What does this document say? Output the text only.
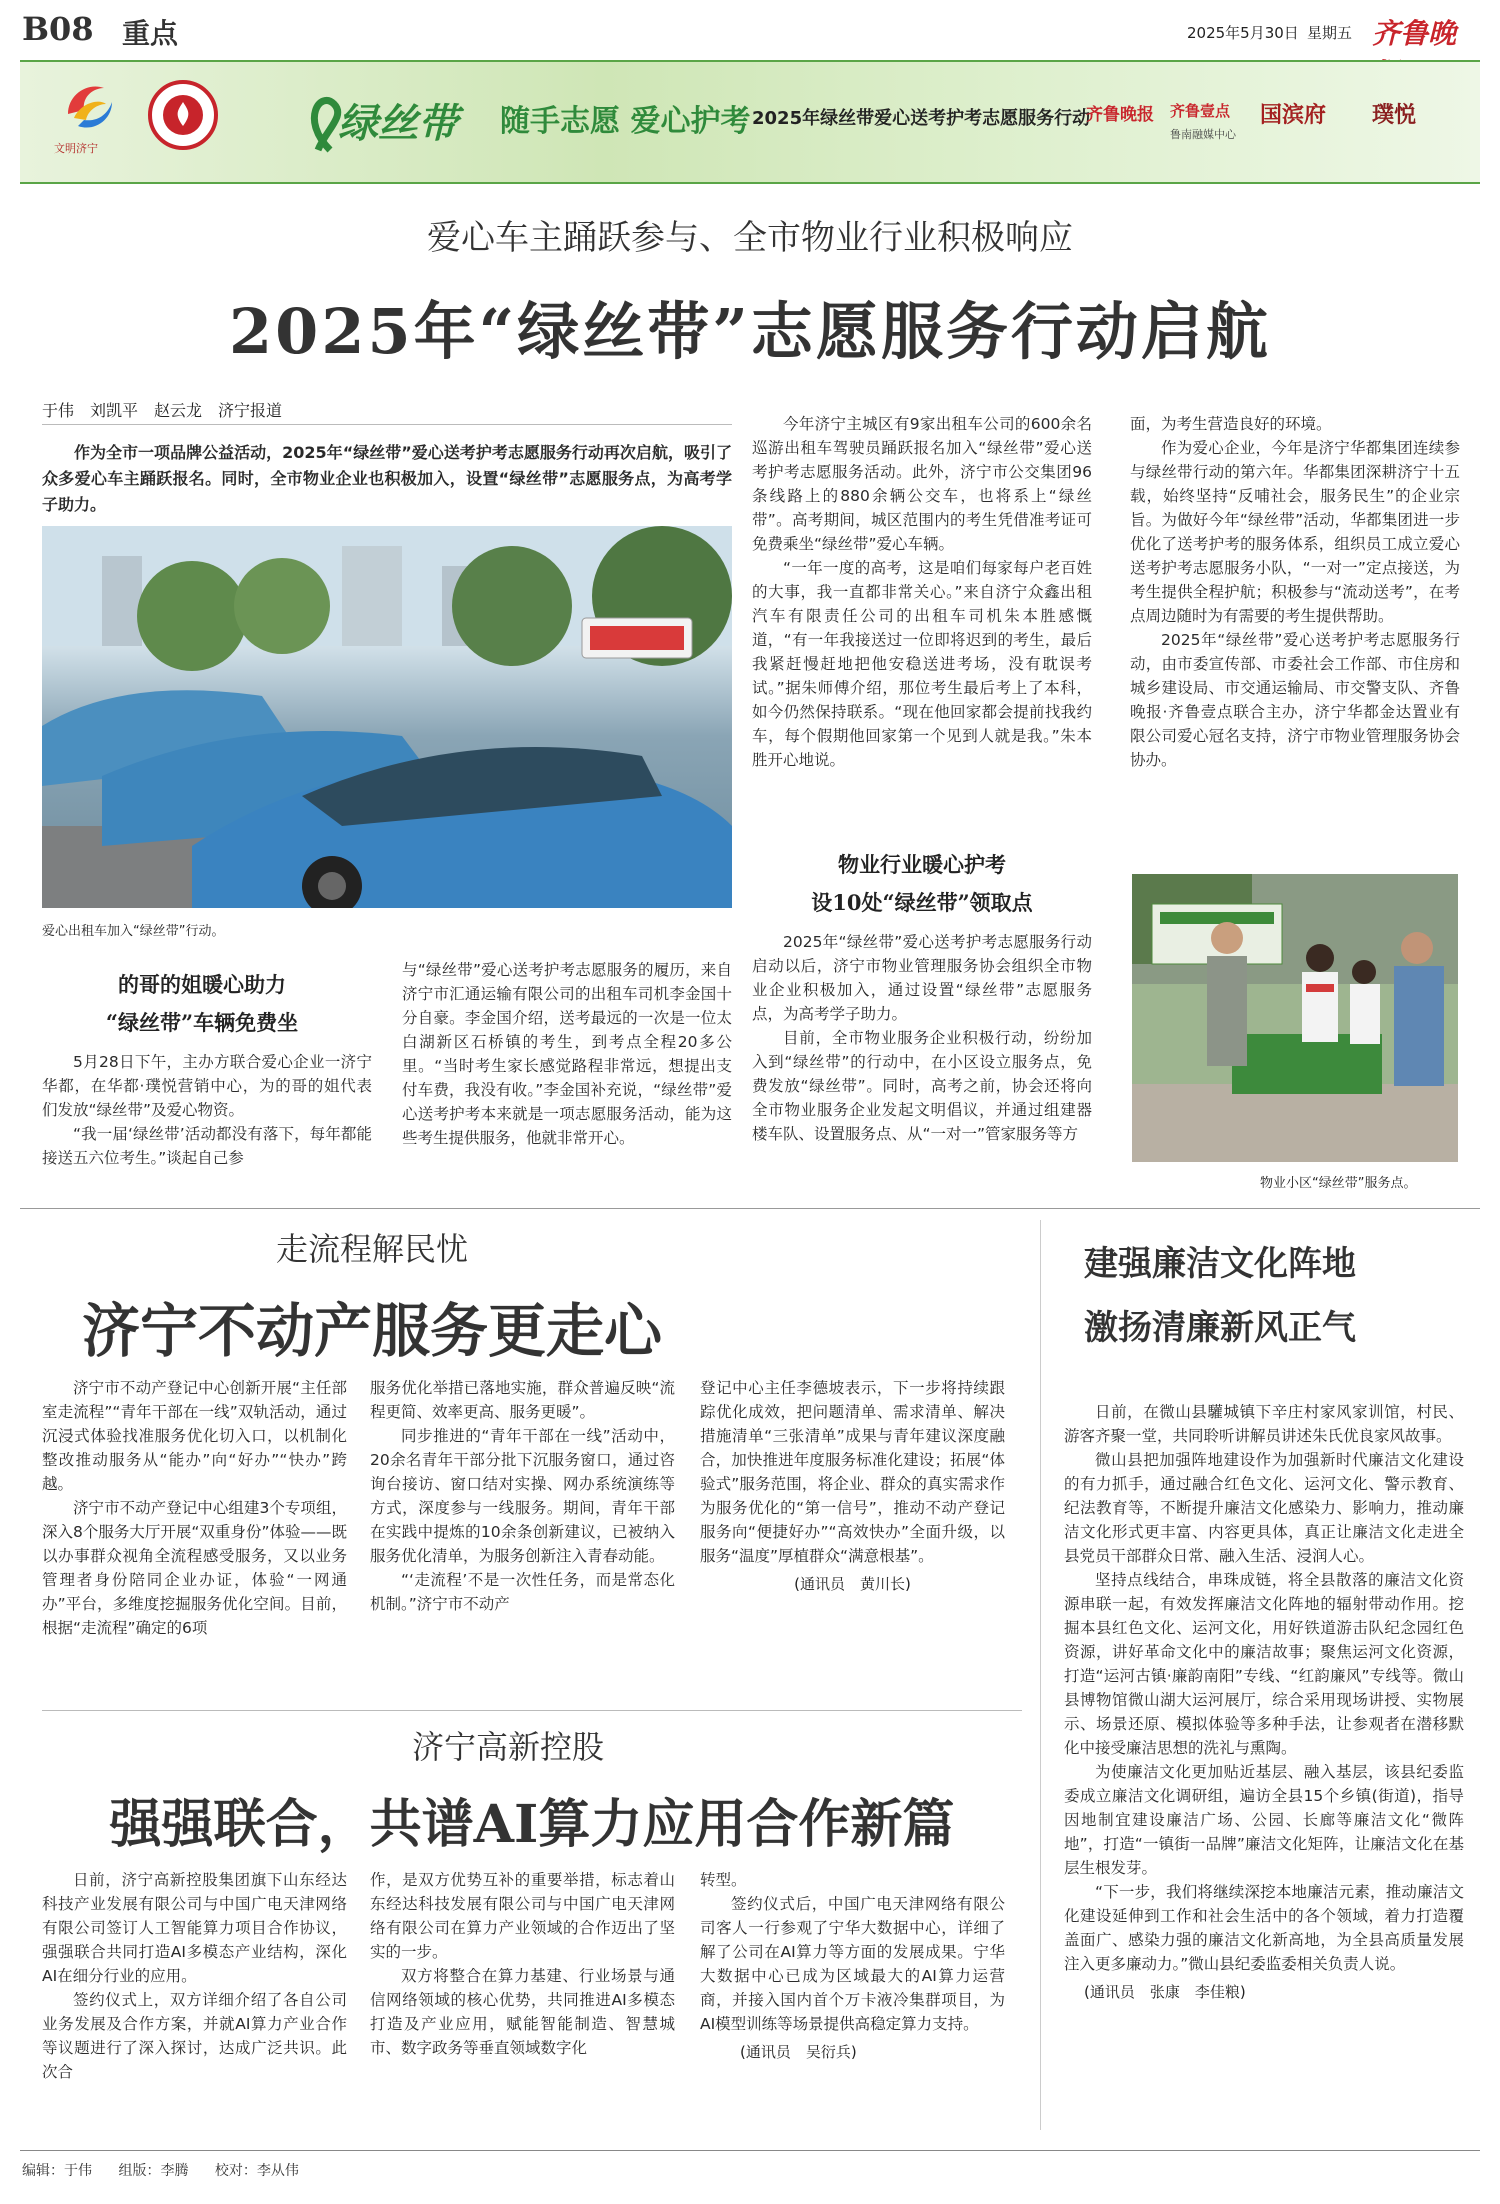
B08 重点	2025年5月30日 星期五 齐鲁晚
文明济宁
绿丝带 随手志愿 爱心护考 2025年绿丝带爱心送考护考志愿服务行动
齐鲁晚报 齐鲁壹点
鲁南融媒中心
国滨府 璞悦
爱心车主踊跃参与、全市物业行业积极响应
2025年“绿丝带”志愿服务行动启航
于伟　刘凯平　赵云龙　济宁报道

作为全市一项品牌公益活动，2025年“绿丝带”爱心送考护考志愿服务行动再次启航，吸引了众多爱心车主踊跃报名。同时，全市物业企业也积极加入，设置“绿丝带”志愿服务点，为高考学子助力。

爱心出租车加入“绿丝带”行动。
的哥的姐暖心助力
“绿丝带”车辆免费坐

5月28日下午，主办方联合爱心企业一济宁华都，在华都·璞悦营销中心，为的哥的姐代表们发放“绿丝带”及爱心物资。

“我一届‘绿丝带’活动都没有落下，每年都能接送五六位考生。”谈起自己参

与“绿丝带”爱心送考护考志愿服务的履历，来自济宁市汇通运输有限公司的出租车司机李金国十分自豪。李金国介绍，送考最远的一次是一位太白湖新区石桥镇的考生，到考点全程20多公里。“当时考生家长感觉路程非常远，想提出支付车费，我没有收。”李金国补充说，“绿丝带”爱心送考护考本来就是一项志愿服务活动，能为这些考生提供服务，他就非常开心。

今年济宁主城区有9家出租车公司的600余名巡游出租车驾驶员踊跃报名加入“绿丝带”爱心送考护考志愿服务活动。此外，济宁市公交集团96条线路上的880余辆公交车，也将系上“绿丝带”。高考期间，城区范围内的考生凭借准考证可免费乘坐“绿丝带”爱心车辆。

“一年一度的高考，这是咱们每家每户老百姓的大事，我一直都非常关心。”来自济宁众鑫出租汽车有限责任公司的出租车司机朱本胜感慨道，“有一年我接送过一位即将迟到的考生，最后我紧赶慢赶地把他安稳送进考场，没有耽误考试。”据朱师傅介绍，那位考生最后考上了本科，如今仍然保持联系。“现在他回家都会提前找我约车，每个假期他回家第一个见到人就是我。”朱本胜开心地说。

物业行业暖心护考
设10处“绿丝带”领取点

2025年“绿丝带”爱心送考护考志愿服务行动启动以后，济宁市物业管理服务协会组织全市物业企业积极加入，通过设置“绿丝带”志愿服务点，为高考学子助力。

目前，全市物业服务企业积极行动，纷纷加入到“绿丝带”的行动中，在小区设立服务点，免费发放“绿丝带”。同时，高考之前，协会还将向全市物业服务企业发起文明倡议，并通过组建器楼车队、设置服务点、从“一对一”管家服务等方

面，为考生营造良好的环境。

作为爱心企业，今年是济宁华都集团连续参与绿丝带行动的第六年。华都集团深耕济宁十五载，始终坚持“反哺社会，服务民生”的企业宗旨。为做好今年“绿丝带”活动，华都集团进一步优化了送考护考的服务体系，组织员工成立爱心送考护考志愿服务小队，“一对一”定点接送，为考生提供全程护航；积极参与“流动送考”，在考点周边随时为有需要的考生提供帮助。

2025年“绿丝带”爱心送考护考志愿服务行动，由市委宣传部、市委社会工作部、市住房和城乡建设局、市交通运输局、市交警支队、齐鲁晚报·齐鲁壹点联合主办，济宁华都金达置业有限公司爱心冠名支持，济宁市物业管理服务协会协办。

物业小区“绿丝带”服务点。
走流程解民忧
济宁不动产服务更走心

济宁市不动产登记中心创新开展“主任部室走流程”“青年干部在一线”双轨活动，通过沉浸式体验找准服务优化切入口，以机制化整改推动服务从“能办”向“好办”“快办”跨越。

济宁市不动产登记中心组建3个专项组，深入8个服务大厅开展“双重身份”体验——既以办事群众视角全流程感受服务，又以业务管理者身份陪同企业办证，体验“一网通办”平台，多维度挖掘服务优化空间。目前，根据“走流程”确定的6项

服务优化举措已落地实施，群众普遍反映“流程更简、效率更高、服务更暖”。

同步推进的“青年干部在一线”活动中，20余名青年干部分批下沉服务窗口，通过咨询台接访、窗口结对实操、网办系统演练等方式，深度参与一线服务。期间，青年干部在实践中提炼的10余条创新建议，已被纳入服务优化清单，为服务创新注入青春动能。

“‘走流程’不是一次性任务，而是常态化机制。”济宁市不动产

登记中心主任李德坡表示，下一步将持续跟踪优化成效，把问题清单、需求清单、解决措施清单“三张清单”成果与青年建议深度融合，加快推进年度服务标准化建设；拓展“体验式”服务范围，将企业、群众的真实需求作为服务优化的“第一信号”，推动不动产登记服务向“便捷好办”“高效快办”全面升级，以服务“温度”厚植群众“满意根基”。

(通讯员　黄川长)
济宁高新控股
强强联合，共谱AI算力应用合作新篇

日前，济宁高新控股集团旗下山东经达科技产业发展有限公司与中国广电天津网络有限公司签订人工智能算力项目合作协议，强强联合共同打造AI多模态产业结构，深化AI在细分行业的应用。

签约仪式上，双方详细介绍了各自公司业务发展及合作方案，并就AI算力产业合作等议题进行了深入探讨，达成广泛共识。此次合

作，是双方优势互补的重要举措，标志着山东经达科技发展有限公司与中国广电天津网络有限公司在算力产业领域的合作迈出了坚实的一步。

双方将整合在算力基建、行业场景与通信网络领域的核心优势，共同推进AI多模态打造及产业应用，赋能智能制造、智慧城市、数字政务等垂直领域数字化

转型。

签约仪式后，中国广电天津网络有限公司客人一行参观了宁华大数据中心，详细了解了公司在AI算力等方面的发展成果。宁华大数据中心已成为区域最大的AI算力运营商，并接入国内首个万卡液冷集群项目，为AI模型训练等场景提供高稳定算力支持。

(通讯员　吴衍兵)
建强廉洁文化阵地
激扬清廉新风正气

日前，在微山县驩城镇下辛庄村家风家训馆，村民、游客齐聚一堂，共同聆听讲解员讲述朱氏优良家风故事。

微山县把加强阵地建设作为加强新时代廉洁文化建设的有力抓手，通过融合红色文化、运河文化、警示教育、纪法教育等，不断提升廉洁文化感染力、影响力，推动廉洁文化形式更丰富、内容更具体，真正让廉洁文化走进全县党员干部群众日常、融入生活、浸润人心。

坚持点线结合，串珠成链，将全县散落的廉洁文化资源串联一起，有效发挥廉洁文化阵地的辐射带动作用。挖掘本县红色文化、运河文化，用好铁道游击队纪念园红色资源，讲好革命文化中的廉洁故事；聚焦运河文化资源，打造“运河古镇·廉韵南阳”专线、“红韵廉风”专线等。微山县博物馆微山湖大运河展厅，综合采用现场讲授、实物展示、场景还原、模拟体验等多种手法，让参观者在潜移默化中接受廉洁思想的洗礼与熏陶。

为使廉洁文化更加贴近基层、融入基层，该县纪委监委成立廉洁文化调研组，遍访全县15个乡镇(街道)，指导因地制宜建设廉洁广场、公园、长廊等廉洁文化“微阵地”，打造“一镇街一品牌”廉洁文化矩阵，让廉洁文化在基层生根发芽。

“下一步，我们将继续深挖本地廉洁元素，推动廉洁文化建设延伸到工作和社会生活中的各个领域，着力打造覆盖面广、感染力强的廉洁文化新高地，为全县高质量发展注入更多廉动力。”微山县纪委监委相关负责人说。

(通讯员　张康　李佳粮)
编辑：于伟 组版：李腾 校对：李从伟
